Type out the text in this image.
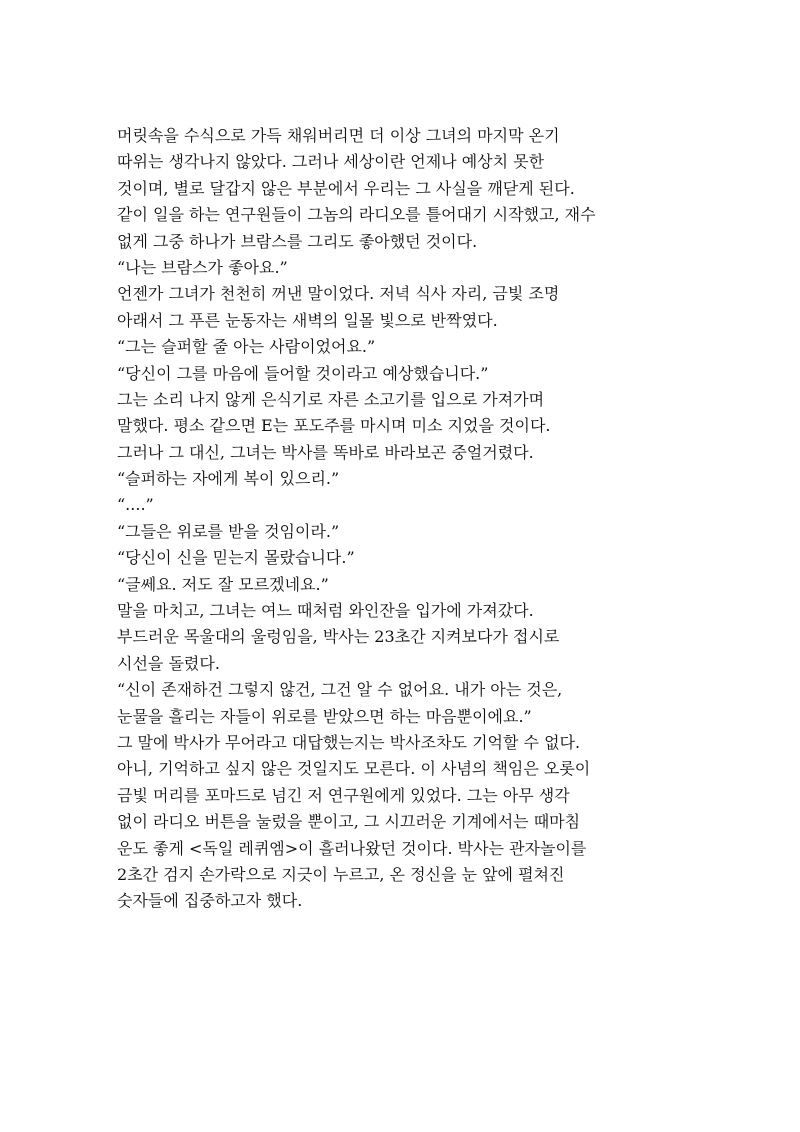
머릿속을 수식으로 가득 채워버리면 더 이상 그녀의 마지막 온기
따위는 생각나지 않았다. 그러나 세상이란 언제나 예상치 못한
것이며, 별로 달갑지 않은 부분에서 우리는 그 사실을 깨닫게 된다.
같이 일을 하는 연구원들이 그놈의 라디오를 틀어대기 시작했고, 재수
없게 그중 하나가 브람스를 그리도 좋아했던 것이다.
“나는 브람스가 좋아요.”
언젠가 그녀가 천천히 꺼낸 말이었다. 저녁 식사 자리, 금빛 조명
아래서 그 푸른 눈동자는 새벽의 일몰 빛으로 반짝였다.
“그는 슬퍼할 줄 아는 사람이었어요.”
“당신이 그를 마음에 들어할 것이라고 예상했습니다.”
그는 소리 나지 않게 은식기로 자른 소고기를 입으로 가져가며
말했다. 평소 같으면 E는 포도주를 마시며 미소 지었을 것이다.
그러나 그 대신, 그녀는 박사를 똑바로 바라보곤 중얼거렸다.
“슬퍼하는 자에게 복이 있으리.”
“....”
“그들은 위로를 받을 것임이라.”
“당신이 신을 믿는지 몰랐습니다.”
“글쎄요. 저도 잘 모르겠네요.”
말을 마치고, 그녀는 여느 때처럼 와인잔을 입가에 가져갔다.
부드러운 목울대의 울렁임을, 박사는 23초간 지켜보다가 접시로
시선을 돌렸다.
“신이 존재하건 그렇지 않건, 그건 알 수 없어요. 내가 아는 것은,
눈물을 흘리는 자들이 위로를 받았으면 하는 마음뿐이에요.”
그 말에 박사가 무어라고 대답했는지는 박사조차도 기억할 수 없다.
아니, 기억하고 싶지 않은 것일지도 모른다. 이 사념의 책임은 오롯이
금빛 머리를 포마드로 넘긴 저 연구원에게 있었다. 그는 아무 생각
없이 라디오 버튼을 눌렀을 뿐이고, 그 시끄러운 기계에서는 때마침
운도 좋게 <독일 레퀴엠>이 흘러나왔던 것이다. 박사는 관자놀이를
2초간 검지 손가락으로 지긋이 누르고, 온 정신을 눈 앞에 펼쳐진
숫자들에 집중하고자 했다.
